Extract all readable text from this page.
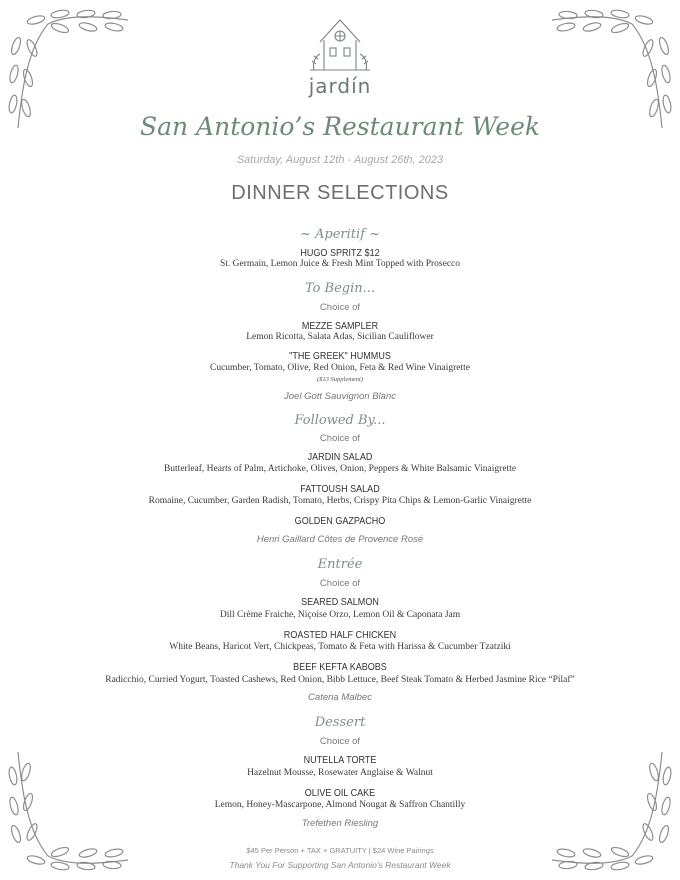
jardín
San Antonio’s Restaurant Week
Saturday, August 12th - August 26th, 2023
DINNER SELECTIONS
~ Aperitif ~
HUGO SPRITZ $12
St. Germain, Lemon Juice & Fresh Mint Topped with Prosecco
To Begin...
Choice of
MEZZE SAMPLER
Lemon Ricotta, Salata Adas, Sicilian Cauliflower
"THE GREEK" HUMMUS
Cucumber, Tomato, Olive, Red Onion, Feta & Red Wine Vinaigrette
($13 Supplement)
Joel Gott Sauvignon Blanc
Followed By...
Choice of
JARDIN SALAD
Butterleaf, Hearts of Palm, Artichoke, Olives, Onion, Peppers & White Balsamic Vinaigrette
FATTOUSH SALAD
Romaine, Cucumber, Garden Radish, Tomato, Herbs, Crispy Pita Chips & Lemon-Garlic Vinaigrette
GOLDEN GAZPACHO
Henri Gaillard Côtes de Provence Rosé
Entrée
Choice of
SEARED SALMON
Dill Crème Fraiche, Niçoise Orzo, Lemon Oil & Caponata Jam
ROASTED HALF CHICKEN
White Beans, Haricot Vert, Chickpeas, Tomato & Feta with Harissa & Cucumber Tzatziki
BEEF KEFTA KABOBS
Radicchio, Curried Yogurt, Toasted Cashews, Red Onion, Bibb Lettuce, Beef Steak Tomato & Herbed Jasmine Rice “Pilaf”
Catena Malbec
Dessert
Choice of
NUTELLA TORTE
Hazelnut Mousse, Rosewater Anglaise & Walnut
OLIVE OIL CAKE
Lemon, Honey-Mascarpone, Almond Nougat & Saffron Chantilly
Trefethen Riesling
$45 Per Person + TAX + GRATUITY | $24 Wine Pairings
Thank You For Supporting San Antonio's Restaurant Week
